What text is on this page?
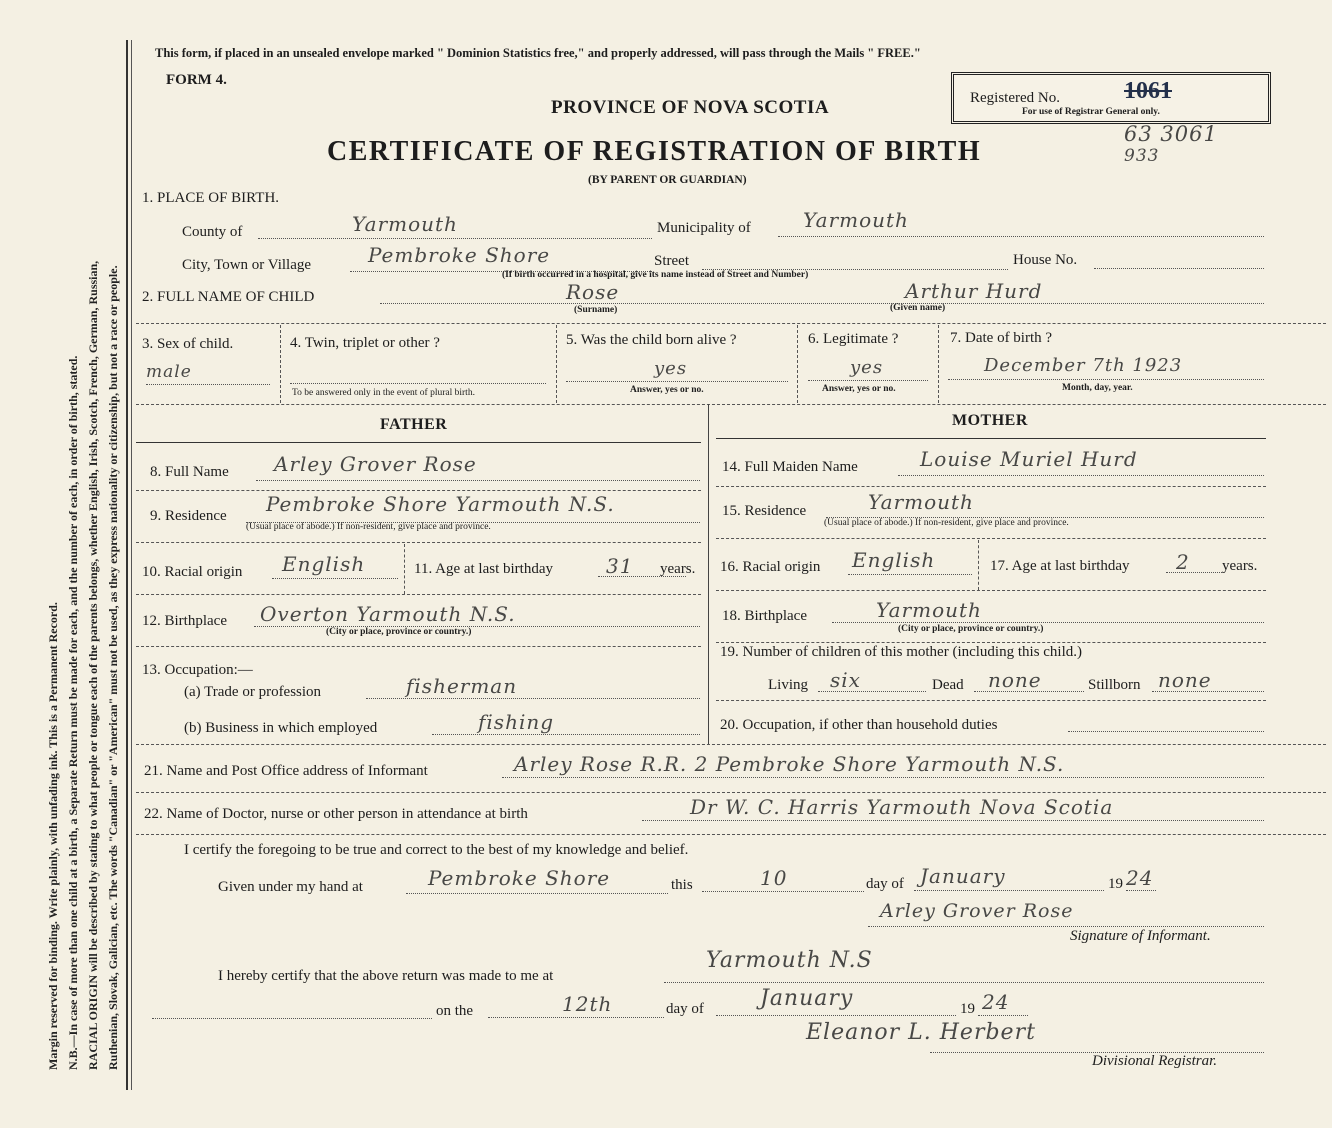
Margin reserved for binding. Write plainly, with unfading ink. This is a Permanent Record. N.B.—In case of more than one child at a birth, a Separate Return must be made for each, and the number of each, in order of birth, stated. RACIAL ORIGIN will be described by stating to what people or tongue each of the parents belongs, whether English, Irish, Scotch, French, German, Russian, Ruthenian, Slovak, Galician, etc. The words "Canadian" or "American" must not be used, as they express nationality or citizenship, but not a race or people.
This form, if placed in an unsealed envelope marked " Dominion Statistics free," and properly addressed, will pass through the Mails " FREE."
FORM 4.
PROVINCE OF NOVA SCOTIA
CERTIFICATE OF REGISTRATION OF BIRTH
(BY PARENT OR GUARDIAN)
Registered No.	1061
For use of Registrar General only.
63 3061
933
1. PLACE OF BIRTH.
County of	Yarmouth	Municipality of	Yarmouth
City, Town or Village	Pembroke Shore	Street	House No.
(If birth occurred in a hospital, give its name instead of Street and Number)
2. FULL NAME OF CHILD	Rose
(Surname)
Arthur Hurd
(Given name)
3. Sex of child.
male
4. Twin, triplet or other ?
To be answered only in the event of plural birth.
5. Was the child born alive ?
yes
Answer, yes or no.
6. Legitimate ?
yes
Answer, yes or no.
7. Date of birth ?
December 7th 1923
Month, day, year.
FATHER	MOTHER
8. Full Name Arley Grover Rose	14. Full Maiden Name	Louise Muriel Hurd
9. Residence Pembroke Shore Yarmouth N.S.
(Usual place of abode.) If non-resident, give place and province.
15. Residence	Yarmouth
(Usual place of abode.) If non-resident, give place and province.
10. Racial origin English	11. Age at last birthday	31 years. 16. Racial origin English	17. Age at last birthday 2 years.
12. Birthplace Overton Yarmouth N.S.
(City or place, province or country.)
18. Birthplace	Yarmouth
(City or place, province or country.)
13. Occupation:—
(a) Trade or profession	fisherman
(b) Business in which employed	fishing
19. Number of children of this mother (including this child.)
Living six	Dead none	Stillborn none
20. Occupation, if other than household duties
21. Name and Post Office address of Informant	Arley Rose R.R. 2 Pembroke Shore Yarmouth N.S.
22. Name of Doctor, nurse or other person in attendance at birth	Dr W. C. Harris Yarmouth Nova Scotia
I certify the foregoing to be true and correct to the best of my knowledge and belief.
Given under my hand at	Pembroke Shore	this	10	day of January	19 24
Arley Grover Rose
Signature of Informant.
I hereby certify that the above return was made to me at
Yarmouth N.S
on the	12th	day of	January	19 24
Eleanor L. Herbert
Divisional Registrar.
